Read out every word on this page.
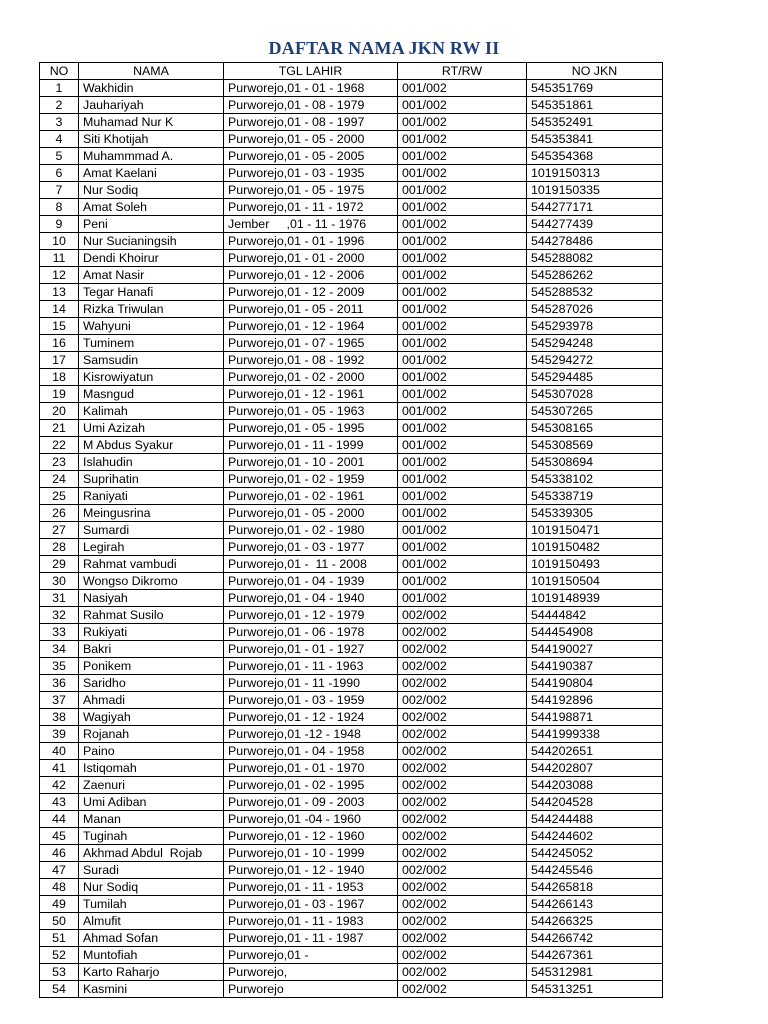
DAFTAR NAMA JKN RW II
NO	NAMA	TGL LAHIR	RT/RW	NO JKN
1	Wakhidin	Purworejo,01 - 01 - 1968	001/002	545351769
2	Jauhariyah	Purworejo,01 - 08 - 1979	001/002	545351861
3	Muhamad Nur K	Purworejo,01 - 08 - 1997	001/002	545352491
4	Siti Khotijah	Purworejo,01 - 05 - 2000	001/002	545353841
5	Muhammmad A.	Purworejo,01 - 05 - 2005	001/002	545354368
6	Amat Kaelani	Purworejo,01 - 03 - 1935	001/002	1019150313
7	Nur Sodiq	Purworejo,01 - 05 - 1975	001/002	1019150335
8	Amat Soleh	Purworejo,01 - 11 - 1972	001/002	544277171
9	Peni	Jember     ,01 - 11 - 1976	001/002	544277439
10	Nur Sucianingsih	Purworejo,01 - 01 - 1996	001/002	544278486
11	Dendi Khoirur	Purworejo,01 - 01 - 2000	001/002	545288082
12	Amat Nasir	Purworejo,01 - 12 - 2006	001/002	545286262
13	Tegar Hanafi	Purworejo,01 - 12 - 2009	001/002	545288532
14	Rizka Triwulan	Purworejo,01 - 05 - 2011	001/002	545287026
15	Wahyuni	Purworejo,01 - 12 - 1964	001/002	545293978
16	Tuminem	Purworejo,01 - 07 - 1965	001/002	545294248
17	Samsudin	Purworejo,01 - 08 - 1992	001/002	545294272
18	Kisrowiyatun	Purworejo,01 - 02 - 2000	001/002	545294485
19	Masngud	Purworejo,01 - 12 - 1961	001/002	545307028
20	Kalimah	Purworejo,01 - 05 - 1963	001/002	545307265
21	Umi Azizah	Purworejo,01 - 05 - 1995	001/002	545308165
22	M Abdus Syakur	Purworejo,01 - 11 - 1999	001/002	545308569
23	Islahudin	Purworejo,01 - 10 - 2001	001/002	545308694
24	Suprihatin	Purworejo,01 - 02 - 1959	001/002	545338102
25	Raniyati	Purworejo,01 - 02 - 1961	001/002	545338719
26	Meingusrina	Purworejo,01 - 05 - 2000	001/002	545339305
27	Sumardi	Purworejo,01 - 02 - 1980	001/002	1019150471
28	Legirah	Purworejo,01 - 03 - 1977	001/002	1019150482
29	Rahmat vambudi	Purworejo,01 -  11 - 2008	001/002	1019150493
30	Wongso Dikromo	Purworejo,01 - 04 - 1939	001/002	1019150504
31	Nasiyah	Purworejo,01 - 04 - 1940	001/002	1019148939
32	Rahmat Susilo	Purworejo,01 - 12 - 1979	002/002	54444842
33	Rukiyati	Purworejo,01 - 06 - 1978	002/002	544454908
34	Bakri	Purworejo,01 - 01 - 1927	002/002	544190027
35	Ponikem	Purworejo,01 - 11 - 1963	002/002	544190387
36	Saridho	Purworejo,01 - 11 -1990	002/002	544190804
37	Ahmadi	Purworejo,01 - 03 - 1959	002/002	544192896
38	Wagiyah	Purworejo,01 - 12 - 1924	002/002	544198871
39	Rojanah	Purworejo,01 -12 - 1948	002/002	5441999338
40	Paino	Purworejo,01 - 04 - 1958	002/002	544202651
41	Istiqomah	Purworejo,01 - 01 - 1970	002/002	544202807
42	Zaenuri	Purworejo,01 - 02 - 1995	002/002	544203088
43	Umi Adiban	Purworejo,01 - 09 - 2003	002/002	544204528
44	Manan	Purworejo,01 -04 - 1960	002/002	544244488
45	Tuginah	Purworejo,01 - 12 - 1960	002/002	544244602
46	Akhmad Abdul  Rojab	Purworejo,01 - 10 - 1999	002/002	544245052
47	Suradi	Purworejo,01 - 12 - 1940	002/002	544245546
48	Nur Sodiq	Purworejo,01 - 11 - 1953	002/002	544265818
49	Tumilah	Purworejo,01 - 03 - 1967	002/002	544266143
50	Almufit	Purworejo,01 - 11 - 1983	002/002	544266325
51	Ahmad Sofan	Purworejo,01 - 11 - 1987	002/002	544266742
52	Muntofiah	Purworejo,01 -	002/002	544267361
53	Karto Raharjo	Purworejo,	002/002	545312981
54	Kasmini	Purworejo	002/002	545313251
